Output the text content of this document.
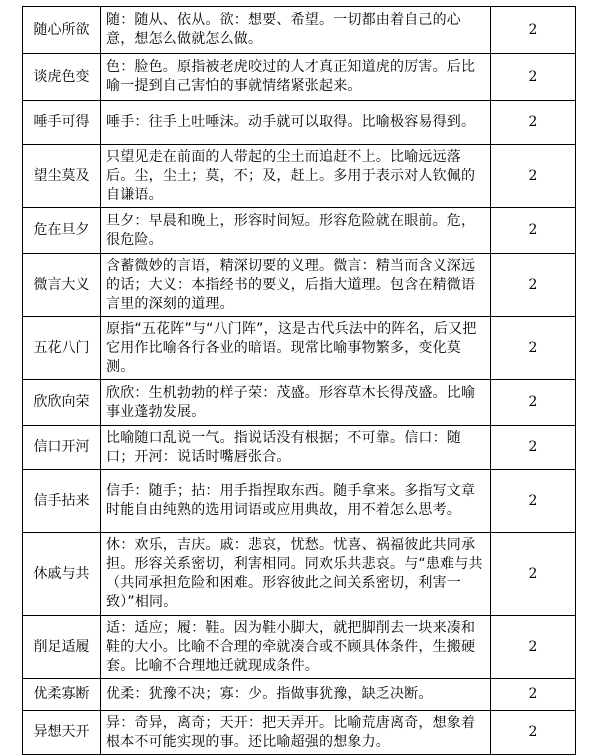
随心所欲	随：随从、依从。欲：想要、希望。一切都由着自己的心意，想怎么做就怎么做。	2
谈虎色变	色：脸色。原指被老虎咬过的人才真正知道虎的厉害。后比喻一提到自己害怕的事就情绪紧张起来。	2
唾手可得	唾手：往手上吐唾沫。动手就可以取得。比喻极容易得到。	2
望尘莫及	只望见走在前面的人带起的尘土而追赶不上。比喻远远落后。尘，尘土；莫，不；及，赶上。多用于表示对人钦佩的自谦语。	2
危在旦夕	旦夕：早晨和晚上，形容时间短。形容危险就在眼前。危，很危险。	2
微言大义	含蓄微妙的言语，精深切要的义理。微言：精当而含义深远的话；大义：本指经书的要义，后指大道理。包含在精微语言里的深刻的道理。	2
五花八门	原指“五花阵”与“八门阵”，这是古代兵法中的阵名，后又把它用作比喻各行各业的暗语。现常比喻事物繁多，变化莫测。	2
欣欣向荣	欣欣：生机勃勃的样子荣：茂盛。形容草木长得茂盛。比喻事业蓬勃发展。	2
信口开河	比喻随口乱说一气。指说话没有根据；不可靠。信口：随口；开河：说话时嘴唇张合。	2
信手拈来	信手：随手；拈：用手指捏取东西。随手拿来。多指写文章时能自由纯熟的选用词语或应用典故，用不着怎么思考。	2
休戚与共	休：欢乐，吉庆。戚：悲哀，忧愁。忧喜、祸福彼此共同承担。形容关系密切，利害相同。同欢乐共悲哀。与“患难与共（共同承担危险和困难。形容彼此之间关系密切，利害一致）”相同。	2
削足适履	适：适应；履：鞋。因为鞋小脚大，就把脚削去一块来凑和鞋的大小。比喻不合理的牵就凑合或不顾具体条件，生搬硬套。比喻不合理地迁就现成条件。	2
优柔寡断	优柔：犹豫不决；寡：少。指做事犹豫，缺乏决断。	2
异想天开	异：奇异，离奇；天开：把天弄开。比喻荒唐离奇，想象着根本不可能实现的事。还比喻超强的想象力。	2
